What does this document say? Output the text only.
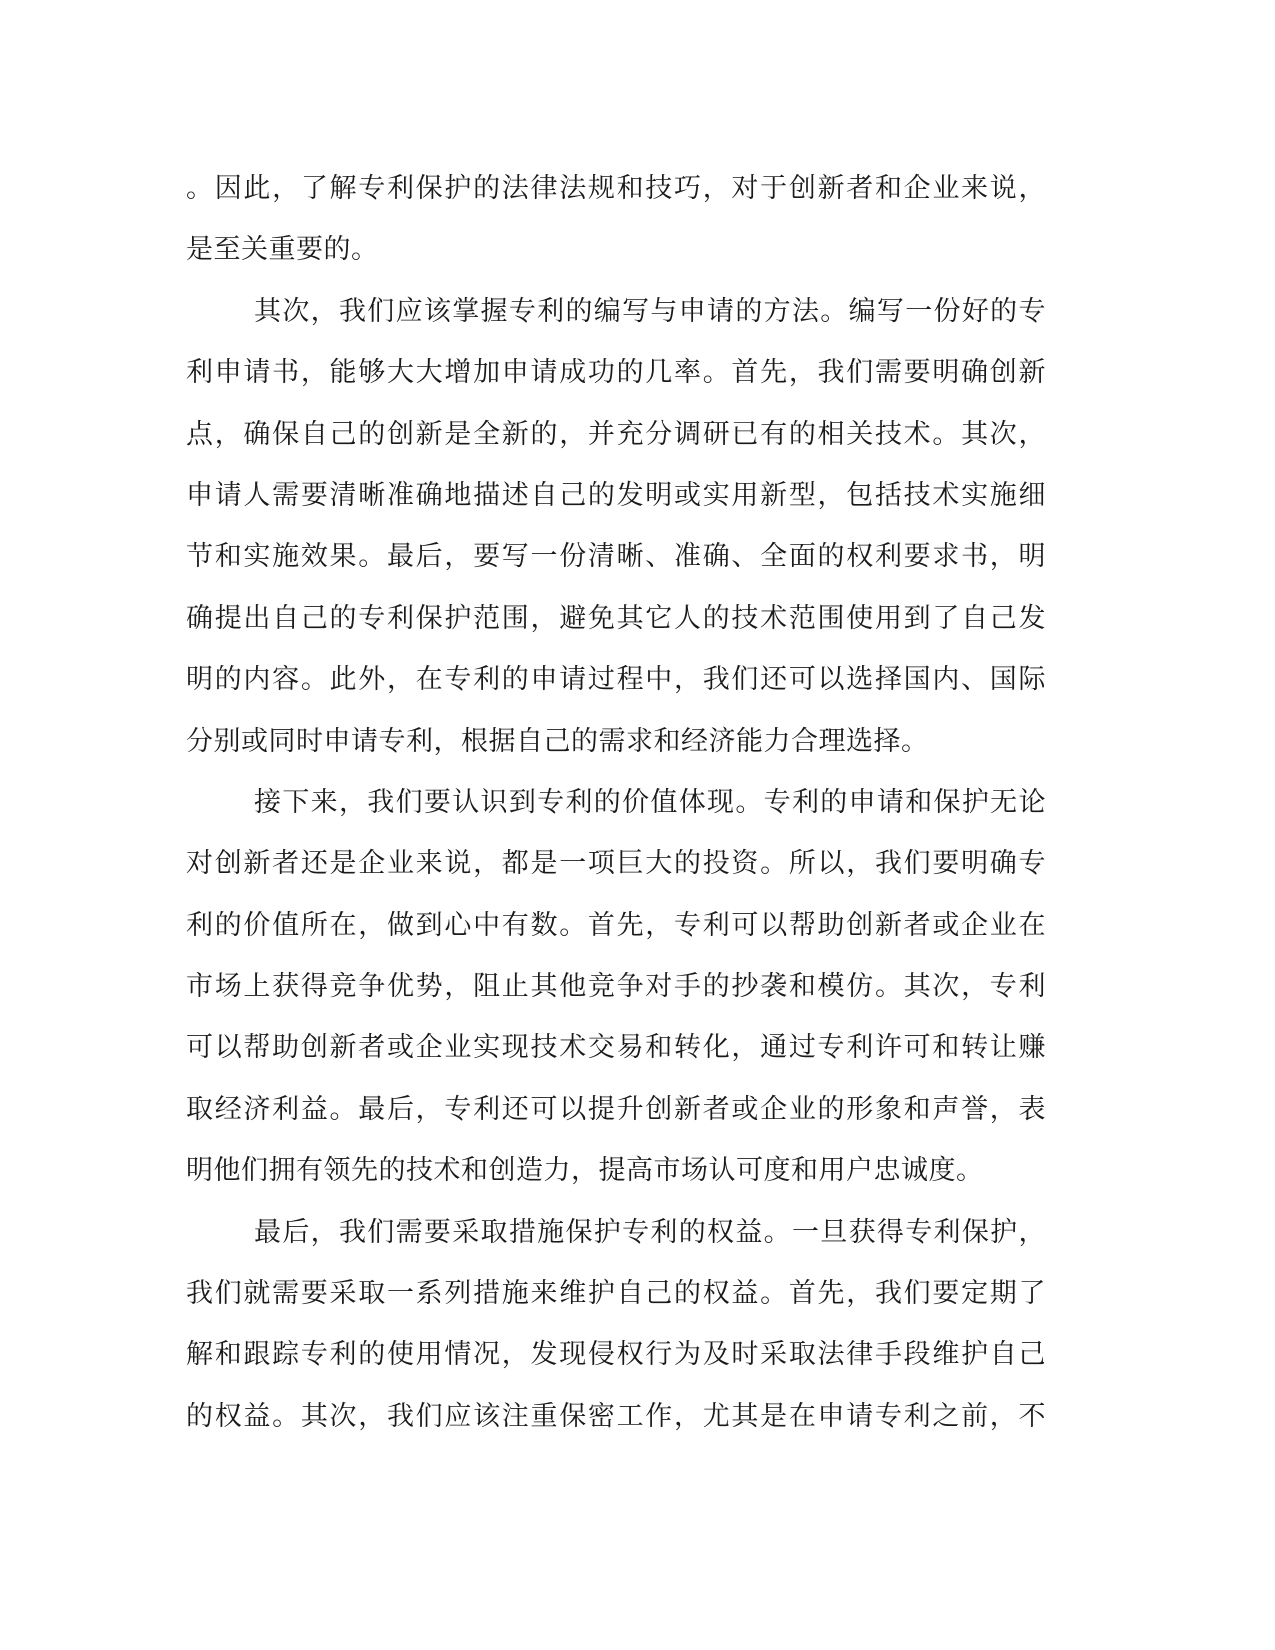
。因此，了解专利保护的法律法规和技巧，对于创新者和企业来说，
是至关重要的。
其次，我们应该掌握专利的编写与申请的方法。编写一份好的专
利申请书，能够大大增加申请成功的几率。首先，我们需要明确创新
点，确保自己的创新是全新的，并充分调研已有的相关技术。其次，
申请人需要清晰准确地描述自己的发明或实用新型，包括技术实施细
节和实施效果。最后，要写一份清晰、准确、全面的权利要求书，明
确提出自己的专利保护范围，避免其它人的技术范围使用到了自己发
明的内容。此外，在专利的申请过程中，我们还可以选择国内、国际
分别或同时申请专利，根据自己的需求和经济能力合理选择。
接下来，我们要认识到专利的价值体现。专利的申请和保护无论
对创新者还是企业来说，都是一项巨大的投资。所以，我们要明确专
利的价值所在，做到心中有数。首先，专利可以帮助创新者或企业在
市场上获得竞争优势，阻止其他竞争对手的抄袭和模仿。其次，专利
可以帮助创新者或企业实现技术交易和转化，通过专利许可和转让赚
取经济利益。最后，专利还可以提升创新者或企业的形象和声誉，表
明他们拥有领先的技术和创造力，提高市场认可度和用户忠诚度。
最后，我们需要采取措施保护专利的权益。一旦获得专利保护，
我们就需要采取一系列措施来维护自己的权益。首先，我们要定期了
解和跟踪专利的使用情况，发现侵权行为及时采取法律手段维护自己
的权益。其次，我们应该注重保密工作，尤其是在申请专利之前，不
